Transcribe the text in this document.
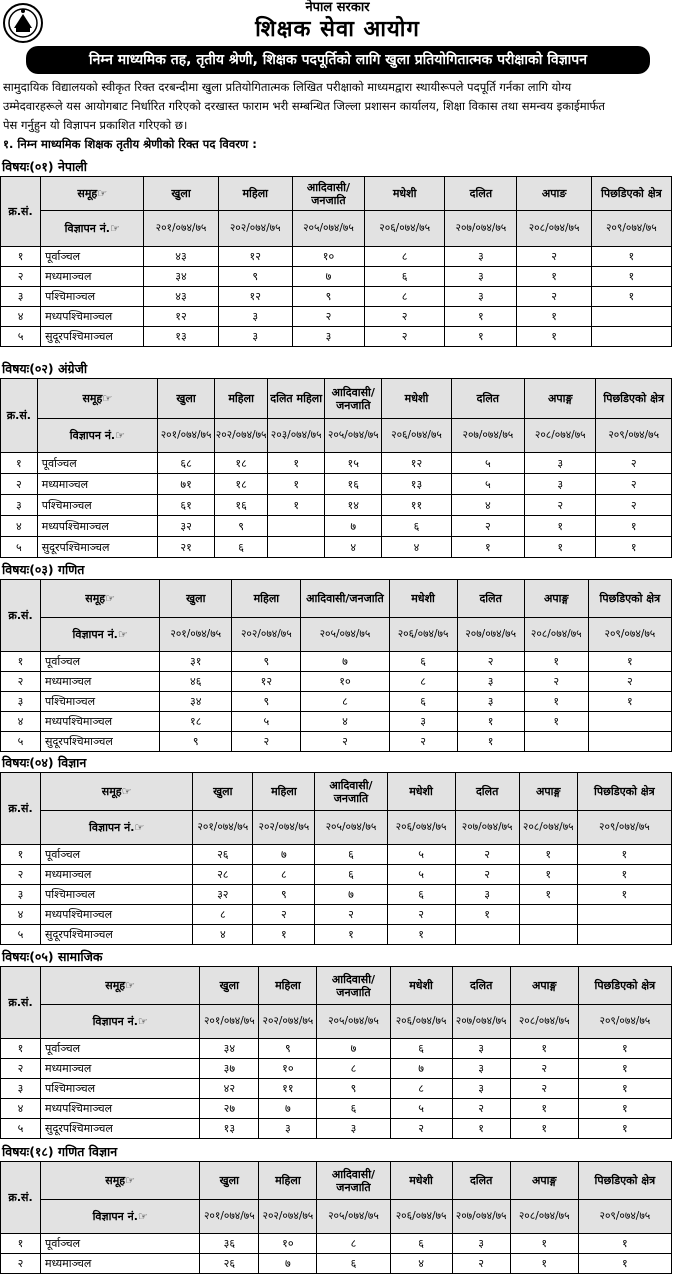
नेपाल सरकार
शिक्षक सेवा आयोग
निम्न माध्यमिक तह, तृतीय श्रेणी, शिक्षक पदपूर्तिको लागि खुला प्रतियोगितात्मक परीक्षाको विज्ञापन
सामुदायिक विद्यालयको स्वीकृत रिक्त दरबन्दीमा खुला प्रतियोगितात्मक लिखित परीक्षाको माध्यमद्वारा स्थायीरूपले पदपूर्ति गर्नका लागि योग्य
उम्मेदवारहरूले यस आयोगबाट निर्धारित गरिएको दरखास्त फाराम भरी सम्बन्धित जिल्ला प्रशासन कार्यालय, शिक्षा विकास तथा समन्वय इकाईमार्फत
पेस गर्नुहुन यो विज्ञापन प्रकाशित गरिएको छ।
१. निम्न माध्यमिक शिक्षक तृतीय श्रेणीको रिक्त पद विवरण :
विषयः(०१) नेपाली
क्र.सं.	समूह☞	खुला	महिला	आदिवासी/जनजाति	मधेशी	दलित	अपाङ	पिछडिएको क्षेत्र
	विज्ञापन नं.☞	२०१/०७४/७५	२०२/०७४/७५	२०५/०७४/७५	२०६/०७४/७५	२०७/०७४/७५	२०८/०७४/७५	२०९/०७४/७५
१	पूर्वाञ्चल	४३	१२	१०	८	३	२	१
२	मध्यमाञ्चल	३४	९	७	६	३	१	१
३	पश्चिमाञ्चल	४३	१२	९	८	३	२	१
४	मध्यपश्चिमाञ्चल	१२	३	२	२	१	१	
५	सुदूरपश्चिमाञ्चल	१३	३	३	२	१	१	
विषयः(०२) अंग्रेजी
क्र.सं.	समूह☞	खुला	महिला	दलित महिला	आदिवासी/जनजाति	मधेशी	दलित	अपाङ्ग	पिछडिएको क्षेत्र
	विज्ञापन नं.☞	२०१/०७४/७५	२०२/०७४/७५	२०३/०७४/७५	२०५/०७४/७५	२०६/०७४/७५	२०७/०७४/७५	२०८/०७४/७५	२०९/०७४/७५
१	पूर्वाञ्चल	६८	१८	१	१५	१२	५	३	२
२	मध्यमाञ्चल	७१	१८	१	१६	१३	५	३	२
३	पश्चिमाञ्चल	६१	१६	१	१४	११	४	२	२
४	मध्यपश्चिमाञ्चल	३२	९		७	६	२	१	१
५	सुदूरपश्चिमाञ्चल	२१	६		४	४	१	१	१
विषयः(०३) गणित
क्र.सं.	समूह☞	खुला	महिला	आदिवासी/जनजाति	मधेशी	दलित	अपाङ्ग	पिछडिएको क्षेत्र
	विज्ञापन नं.☞	२०१/०७४/७५	२०२/०७४/७५	२०५/०७४/७५	२०६/०७४/७५	२०७/०७४/७५	२०८/०७४/७५	२०९/०७४/७५
१	पूर्वाञ्चल	३१	९	७	६	२	१	१
२	मध्यमाञ्चल	४६	१२	१०	८	३	२	२
३	पश्चिमाञ्चल	३४	९	८	६	३	१	१
४	मध्यपश्चिमाञ्चल	१८	५	४	३	१	१	
५	सुदूरपश्चिमाञ्चल	९	२	२	२	१		
विषयः(०४) विज्ञान
क्र.सं.	समूह☞	खुला	महिला	आदिवासी/जनजाति	मधेशी	दलित	अपाङ्ग	पिछडिएको क्षेत्र
	विज्ञापन नं.☞	२०१/०७४/७५	२०२/०७४/७५	२०५/०७४/७५	२०६/०७४/७५	२०७/०७४/७५	२०८/०७४/७५	२०९/०७४/७५
१	पूर्वाञ्चल	२६	७	६	५	२	१	१
२	मध्यमाञ्चल	२८	८	६	५	२	१	१
३	पश्चिमाञ्चल	३२	९	७	६	३	१	१
४	मध्यपश्चिमाञ्चल	८	२	२	२	१		
५	सुदूरपश्चिमाञ्चल	४	१	१	१			
विषयः(०५) सामाजिक
क्र.सं.	समूह☞	खुला	महिला	आदिवासी/जनजाति	मधेशी	दलित	अपाङ्ग	पिछडिएको क्षेत्र
	विज्ञापन नं.☞	२०१/०७४/७५	२०२/०७४/७५	२०५/०७४/७५	२०६/०७४/७५	२०७/०७४/७५	२०८/०७४/७५	२०९/०७४/७५
१	पूर्वाञ्चल	३४	९	७	६	३	१	१
२	मध्यमाञ्चल	३७	१०	८	७	३	२	१
३	पश्चिमाञ्चल	४२	११	९	८	३	२	१
४	मध्यपश्चिमाञ्चल	२७	७	६	५	२	१	१
५	सुदूरपश्चिमाञ्चल	१३	३	३	२	१	१	१
विषयः(१८) गणित विज्ञान
क्र.सं.	समूह☞	खुला	महिला	आदिवासी/जनजाति	मधेशी	दलित	अपाङ्ग	पिछडिएको क्षेत्र
	विज्ञापन नं.☞	२०१/०७४/७५	२०२/०७४/७५	२०५/०७४/७५	२०६/०७४/७५	२०७/०७४/७५	२०८/०७४/७५	२०९/०७४/७५
१	पूर्वाञ्चल	३६	१०	८	६	३	१	१
२	मध्यमाञ्चल	२६	७	६	४	२	१	१
